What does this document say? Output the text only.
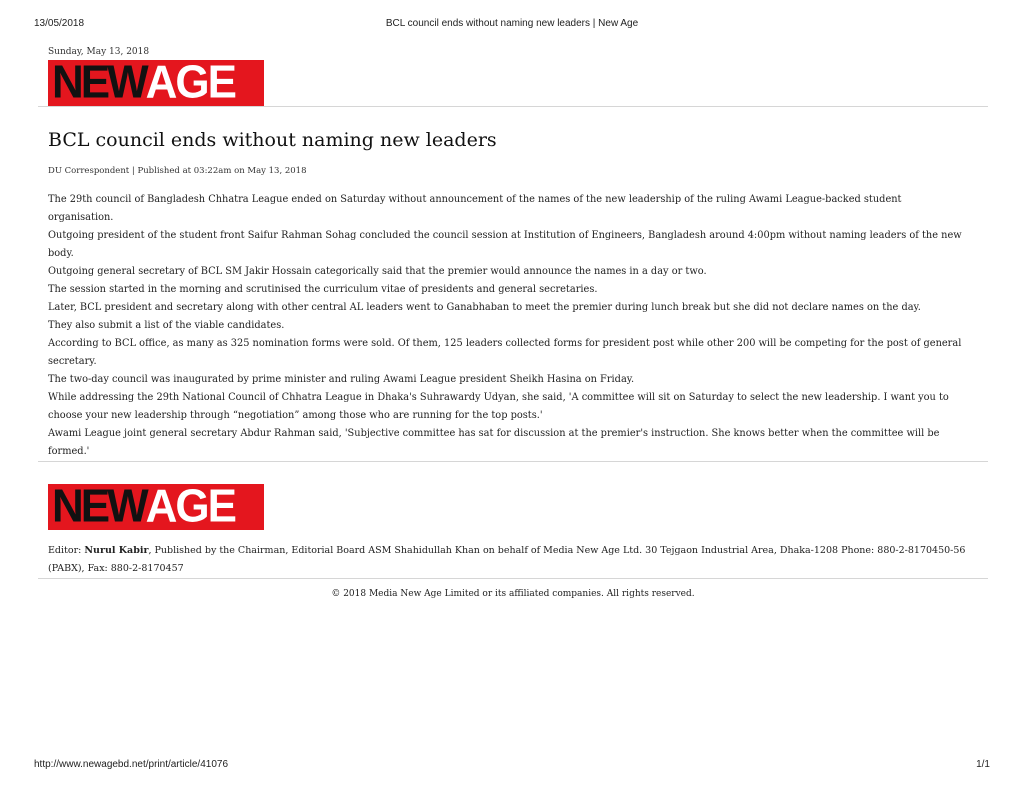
13/05/2018	BCL council ends without naming new leaders | New Age
Sunday, May 13, 2018
NEW AGE
BCL council ends without naming new leaders
DU Correspondent | Published at 03:22am on May 13, 2018

The 29th council of Bangladesh Chhatra League ended on Saturday without announcement of the names of the new leadership of the ruling Awami League-backed student organisation.

Outgoing president of the student front Saifur Rahman Sohag concluded the council session at Institution of Engineers, Bangladesh around 4:00pm without naming leaders of the new body.

Outgoing general secretary of BCL SM Jakir Hossain categorically said that the premier would announce the names in a day or two.

The session started in the morning and scrutinised the curriculum vitae of presidents and general secretaries.

Later, BCL president and secretary along with other central AL leaders went to Ganabhaban to meet the premier during lunch break but she did not declare names on the day.

They also submit a list of the viable candidates.

According to BCL office, as many as 325 nomination forms were sold. Of them, 125 leaders collected forms for president post while other 200 will be competing for the post of general secretary.

The two-day council was inaugurated by prime minister and ruling Awami League president Sheikh Hasina on Friday.

While addressing the 29th National Council of Chhatra League in Dhaka's Suhrawardy Udyan, she said, 'A committee will sit on Saturday to select the new leadership. I want you to choose your new leadership through “negotiation” among those who are running for the top posts.'

Awami League joint general secretary Abdur Rahman said, 'Subjective committee has sat for discussion at the premier's instruction. She knows better when the committee will be formed.'

NEW AGE
Editor: Nurul Kabir, Published by the Chairman, Editorial Board ASM Shahidullah Khan on behalf of Media New Age Ltd. 30 Tejgaon Industrial Area, Dhaka-1208 Phone: 880-2-8170450-56 (PABX), Fax: 880-2-8170457
© 2018 Media New Age Limited or its affiliated companies. All rights reserved.
http://www.newagebd.net/print/article/41076	1/1
